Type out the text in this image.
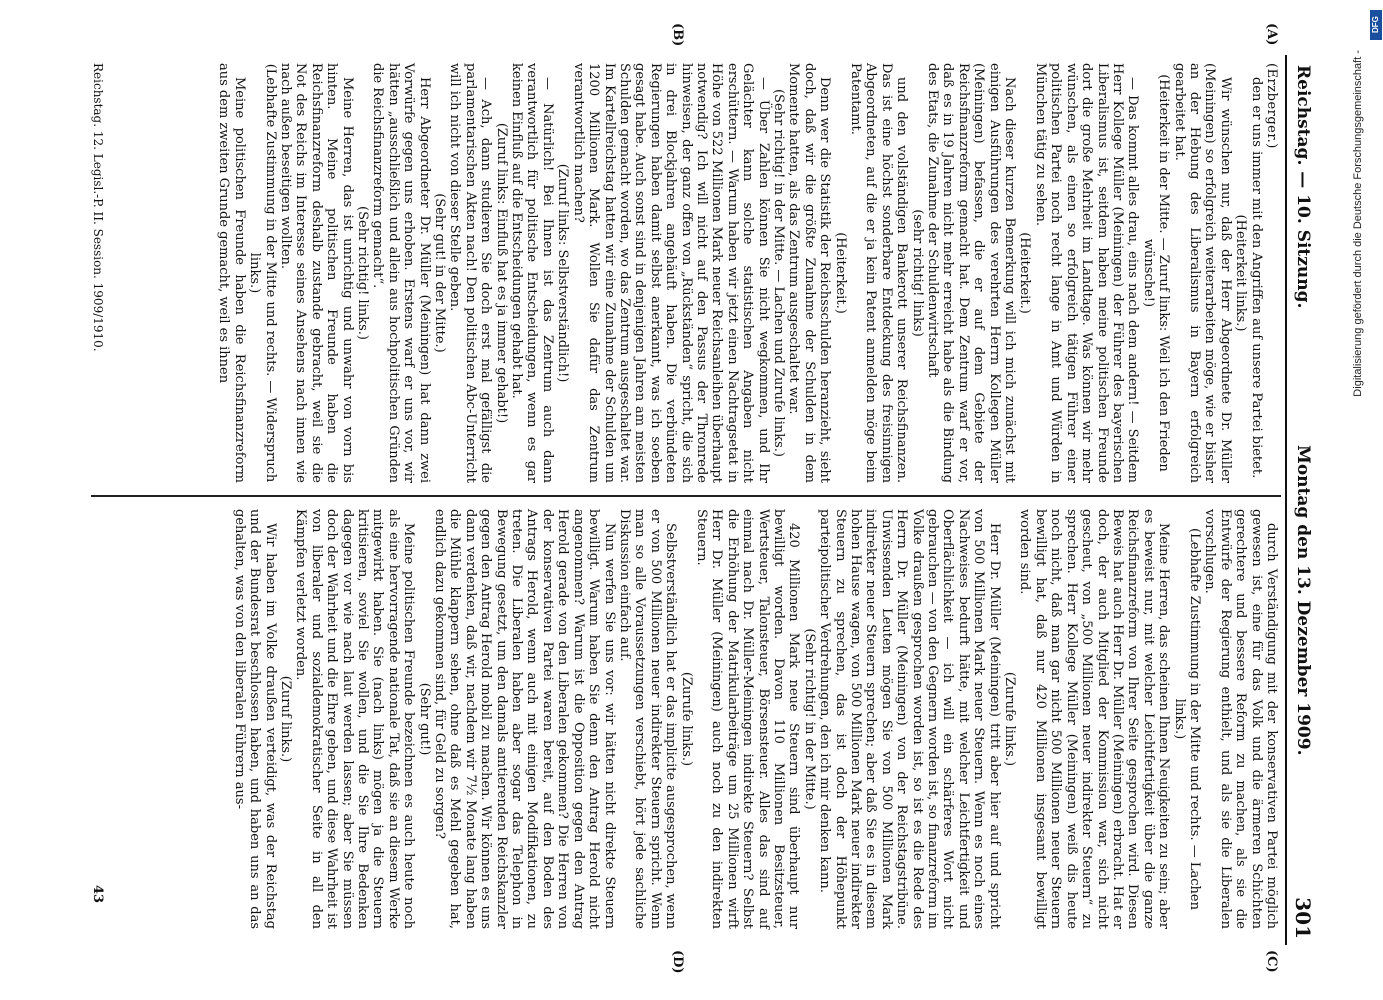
Reichstag. — 10. Sitzung.
Montag den 13. Dezember 1909.
301

(Erzberger.)

den er uns immer mit den Angriffen auf unsere Partei bietet.

(Heiterkeit links.)

Wir wünschen nur, daß der Herr Abgeordnete Dr. Müller (Meiningen) so erfolgreich weiterarbeiten möge, wie er bisher an der Hebung des Liberalismus in Bayern erfolgreich gearbeitet hat.

(Heiterkeit in der Mitte. — Zuruf links: Weil ich den Frieden wünsche!)

— Das kommt alles drau, eins nach dem andern! — Seitdem Herr Kollege Müller (Meiningen) der Führer des bayerischen Liberalismus ist, seitdem haben meine politischen Freunde dort die große Mehrheit im Landtage. Was können wir mehr wünschen, als einen so erfolgreich tätigen Führer einer politischen Partei noch recht lange in Amt und Würden in München tätig zu sehen.

(Heiterkeit.)

Nach dieser kurzen Bemerkung will ich mich zunächst mit einigen Ausführungen des verehrten Herrn Kollegen Müller (Meiningen) befassen, die er auf dem Gebiete der Reichsfinanzreform gemacht hat. Dem Zentrum warf er vor, daß es in 19 Jahren nicht mehr erreicht habe als die Bindung des Etats, die Zunahme der Schuldenwirtschaft

(sehr richtig! links)

und den vollständigen Bankerott unserer Reichsfinanzen. Das ist eine höchst sonderbare Entdeckung des freisinnigen Abgeordneten, auf die er ja kein Patent anmelden möge beim Patentamt.

(Heiterkeit.)

Denn wer die Statistik der Reichsschulden heranzieht, sieht doch, daß wir die größte Zunahme der Schulden in dem Momente hatten, als das Zentrum ausgeschaltet war.

(Sehr richtig! in der Mitte. — Lachen und Zurufe links.)

— Über Zahlen können Sie nicht wegkommen, und Ihr Gelächter kann solche statistischen Angaben nicht erschüttern. — Warum haben wir jetzt einen Nachtragsetat in Höhe von 522 Millionen Mark neuer Reichsanleihen überhaupt notwendig? Ich will nicht auf den Passus der Thronrede hinweisen, der ganz offen von „Rückständen“ spricht, die sich in drei Blockjahren angehäuft haben. Die verbündeten Regierungen haben damit selbst anerkannt, was ich soeben gesagt habe. Auch sonst sind in denjenigen Jahren am meisten Schulden gemacht worden, wo das Zentrum ausgeschaltet war. Im Kartellreichstag hatten wir eine Zunahme der Schulden um 1200 Millionen Mark. Wollen Sie dafür das Zentrum verantwortlich machen?

(Zuruf links: Selbstverständlich!)

— Natürlich! Bei Ihnen ist das Zentrum auch dann verantwortlich für politische Entscheidungen, wenn es gar keinen Einfluß auf die Entscheidungen gehabt hat.

(Zuruf links: Einfluß hat es ja immer gehabt!)

— Ach, dann studieren Sie doch erst mal gefälligst die parlamentarischen Akten nach! Den politischen Abc-Unterricht will ich nicht von dieser Stelle geben.

(Sehr gut! in der Mitte.)

Herr Abgeordneter Dr. Müller (Meiningen) hat dann zwei Vorwürfe gegen uns erhoben. Erstens warf er uns vor, wir hätten „ausschließlich und allein aus hochpolitischen Gründen die Reichsfinanzreform gemacht“.

(Sehr richtig! links.)

Meine Herren, das ist unrichtig und unwahr von vorn bis hinten. Meine politischen Freunde haben die Reichsfinanzreform deshalb zustande gebracht, weil sie die Not des Reichs im Interesse seines Ansehens nach innen wie nach außen beseitigen wollten.

(Lebhafte Zustimmung in der Mitte und rechts. — Widerspruch links.)

Meine politischen Freunde haben die Reichsfinanzreform aus dem zweiten Grunde gemacht, weil es ihnen

durch Verständigung mit der konservativen Partei möglich gewesen ist, eine für das Volk und die ärmeren Schichten gerechtere und bessere Reform zu machen, als sie die Entwürfe der Regierung enthielt, und als sie die Liberalen vorschlugen.

(Lebhafte Zustimmung in der Mitte und rechts. — Lachen links.)

Meine Herren, das scheinen Ihnen Neuigkeiten zu sein; aber es beweist nur, mit welcher Leichtfertigkeit über die ganze Reichsfinanzreform von Ihrer Seite gesprochen wird. Diesen Beweis hat auch Herr Dr. Müller (Meiningen) erbracht. Hat er doch, der auch Mitglied der Kommission war, sich nicht gescheut, von „500 Millionen neuer indirekter Steuern“ zu sprechen. Herr Kollege Müller (Meiningen) weiß dis heute noch nicht, daß man gar nicht 500 Millionen neuer Steuern bewilligt hat, daß nur 420 Millionen insgesamt bewilligt worden sind.

(Zurufe links.)

Herr Dr. Müller (Meiningen) tritt aber hier auf und spricht von 500 Millionen Mark neuer Steuern. Wenn es noch eines Nachweises bedurft hätte, mit welcher Leichtfertigkeit und Oberflächlichkeit — ich will ein schärferes Wort nicht gebrauchen — von den Gegnern worden ist, so finanzreform im Volke draußen gesprochen worden ist, so ist es die Rede des Herrn Dr. Müller (Meiningen) von der Reichstagstribüne. Unwissenden Leuten mögen Sie von 500 Millionen Mark indirekter neuer Steuern sprechen; aber daß Sie es in diesem hohen Hause wagen, von 500 Millionen Mark neuer indirekter Steuern zu sprechen, das ist doch der Höhepunkt parteipolitischer Verdrehungen, den ich mir denken kann.

(Sehr richtig! in der Mitte.)

420 Millionen Mark neue Steuern sind überhaupt nur bewilligt worden. Davon 110 Millionen Besitzsteuer, Wertsteuer, Talonsteuer, Börsensteuer. Alles das sind auf einmal nach Dr. Müller-Meiningen indirekte Steuern? Selbst die Erhöhung der Matrikularbeiträge um 25 Millionen wirft Herr Dr. Müller (Meiningen) auch noch zu den indirekten Steuern.

(Zurufe links.)

Selbstverständlich hat er das implicite ausgesprochen, wenn er von 500 Millionen neuer indirekter Steuern spricht. Wenn man so alle Voraussetzungen verschiebt, hört jede sachliche Diskussion einfach auf.

Nun werfen Sie uns vor: wir hätten nicht direkte Steuern bewilligt. Warum haben Sie denn den Antrag Herold nicht angenommen? Warum ist die Opposition gegen den Antrag Herold gerade von den Liberalen gekommen? Die Herren von der konservativen Partei waren bereit, auf den Boden des Antrags Herold, wenn auch mit einigen Modifikationen, zu treten. Die Liberalen haben aber sogar das Telephon in Bewegung gesetzt, um den damals amtierenden Reichskanzler gegen den Antrag Herold mobil zu machen. Wir können es uns dann verdenken, daß wir, nachdem wir 7½ Monate lang haben die Mühle klappern sehen, ohne daß es Mehl gegeben hat, endlich dazu gekommen sind, für Geld zu sorgen?

(Sehr gut!)

Meine politischen Freunde bezeichnen es auch heute noch als eine hervorragende nationale Tat, daß sie an diesem Werke mitgewirkt haben. Sie (nach links) mögen ja die Steuern kritisieren, soviel Sie wollen, und die Sie Ihre Bedenken dagegen vor wie nach laut werden lassen; aber Sie müssen doch der Wahrheit und die Ehre geben, und diese Wahrheit ist von liberaler und sozialdemokratischer Seite in all den Kämpfen verletzt worden.

(Zuruf links.)

Wir haben im Volke draußen verteidigt, was der Reichstag und der Bundesrat beschlossen haben, und haben uns an das gehalten, was von den liberalen Führern aus-

(A)
(B)
(C)
(D)
Reichstag. 12. Legisl.-P. II. Session. 1909/1910.
43
Digitalisierung gefördert durch die Deutsche Forschungsgemeinschaft -
DFG
